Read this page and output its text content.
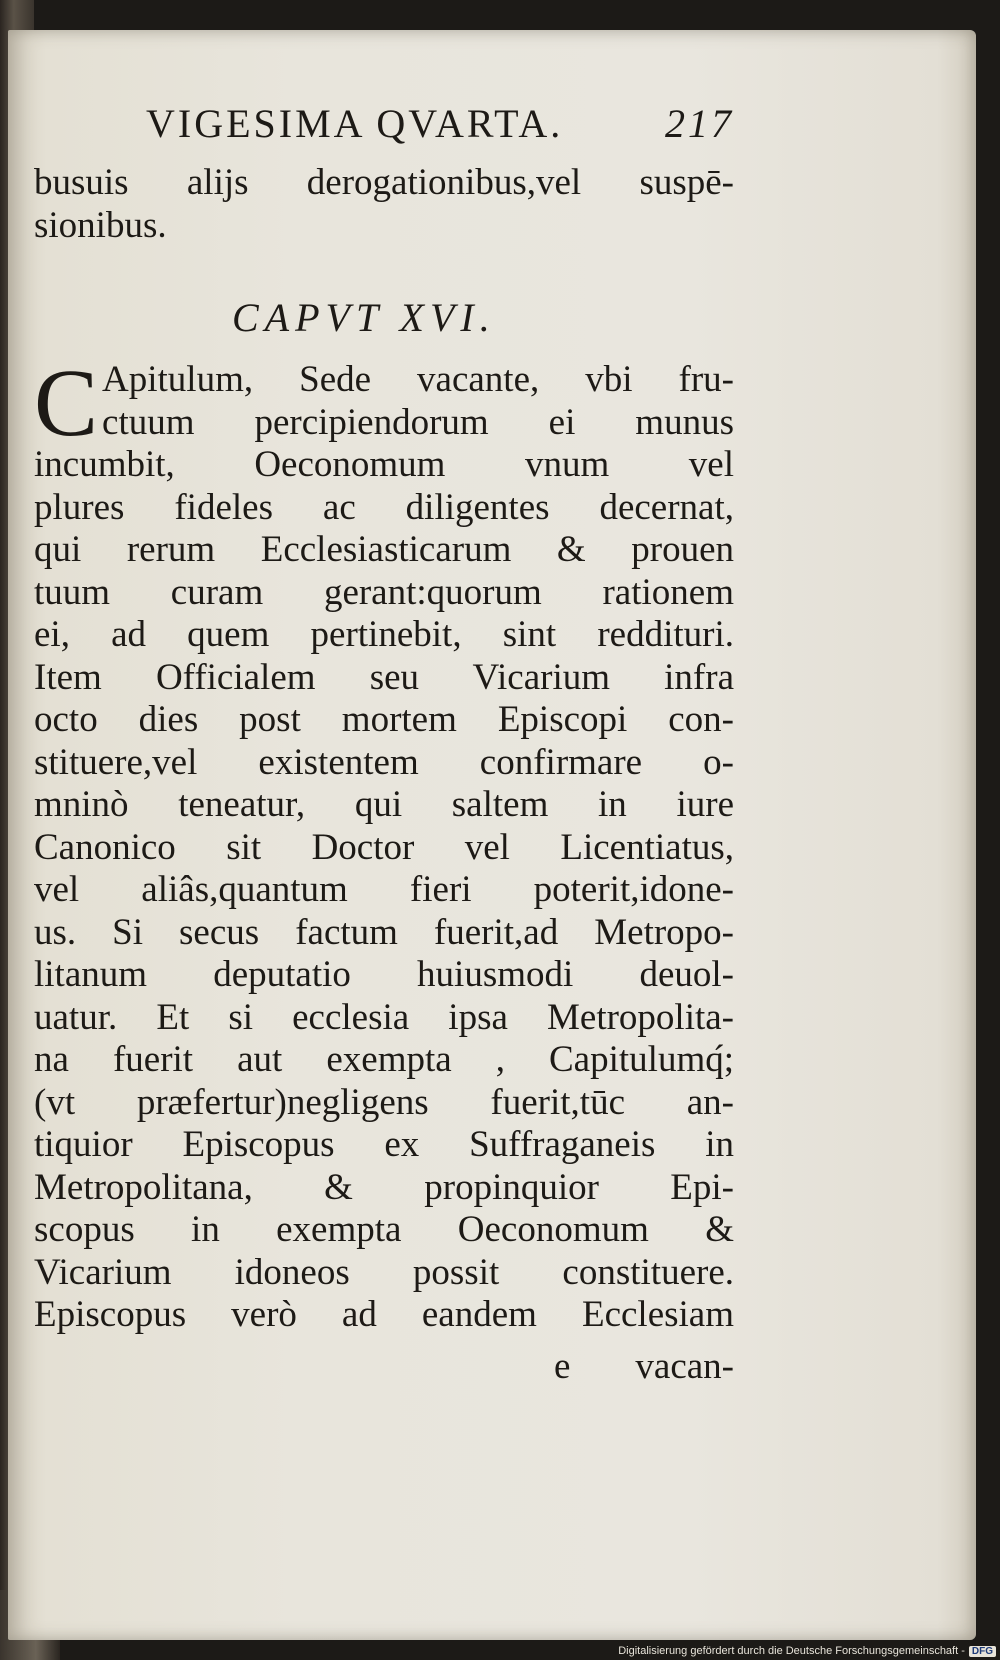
VIGESIMA QVARTA.	217
busuis alijs derogationibus,vel suspē-
sionibus.
CAPVT XVI.
C Apitulum, Sede vacante, vbi fru-
ctuum percipiendorum ei munus
incumbit, Oeconomum vnum vel
plures fideles ac diligentes decernat,
qui rerum Ecclesiasticarum & prouen
tuum curam gerant:quorum rationem
ei, ad quem pertinebit, sint reddituri.
Item Officialem seu Vicarium infra
octo dies post mortem Episcopi con-
stituere,vel existentem confirmare o-
mninò teneatur, qui saltem in iure
Canonico sit Doctor vel Licentiatus,
vel aliâs,quantum fieri poterit,idone-
us. Si secus factum fuerit,ad Metropo-
litanum deputatio huiusmodi deuol-
uatur. Et si ecclesia ipsa Metropolita-
na fuerit aut exempta , Capitulumq́;
(vt præfertur)negligens fuerit,tūc an-
tiquior Episcopus ex Suffraganeis in
Metropolitana, & propinquior Epi-
scopus in exempta Oeconomum &
Vicarium idoneos possit constituere.
Episcopus verò ad eandem Ecclesiam
e vacan-
Digitalisierung gefördert durch die Deutsche Forschungsgemeinschaft - DFG
